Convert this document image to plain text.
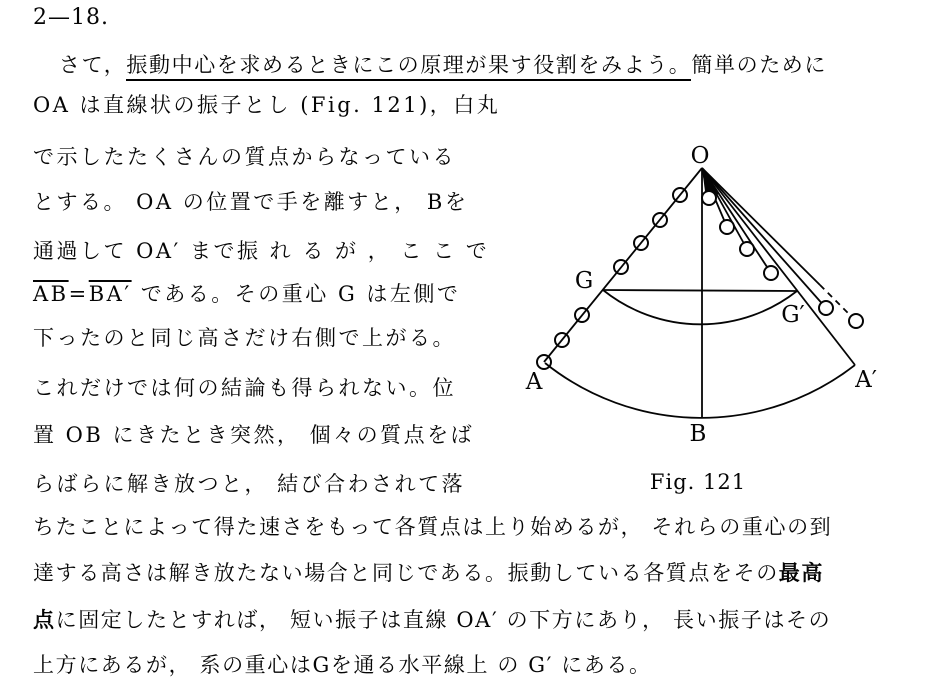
2—18.
さて，振動中心を求めるときにこの原理が果す役割をみよう。簡単のために
OA は直線状の振子とし (Fig. 121)，白丸
で示したたくさんの質点からなっている
とする。 OA の位置で手を離すと， Bを
通過して OA′ まで振 れ る が ， こ こ で
$\overline{AB}=BA'$ である。その重心 G は左側で
下ったのと同じ高さだけ右側で上がる。
これだけでは何の結論も得られない。位
置 OB にきたとき突然， 個々の質点をば
らばらに解き放つと， 結び合わされて落
ちたことによって得た速さをもって各質点は上り始めるが， それらの重心の到
達する高さは解き放たない場合と同じである。振動している各質点をその最高
点に固定したとすれば， 短い振子は直線 OA′ の下方にあり， 長い振子はその
上方にあるが， 系の重心はGを通る水平線上 の G′ にある。
O
G
G′
A	A′
B
Fig. 121
